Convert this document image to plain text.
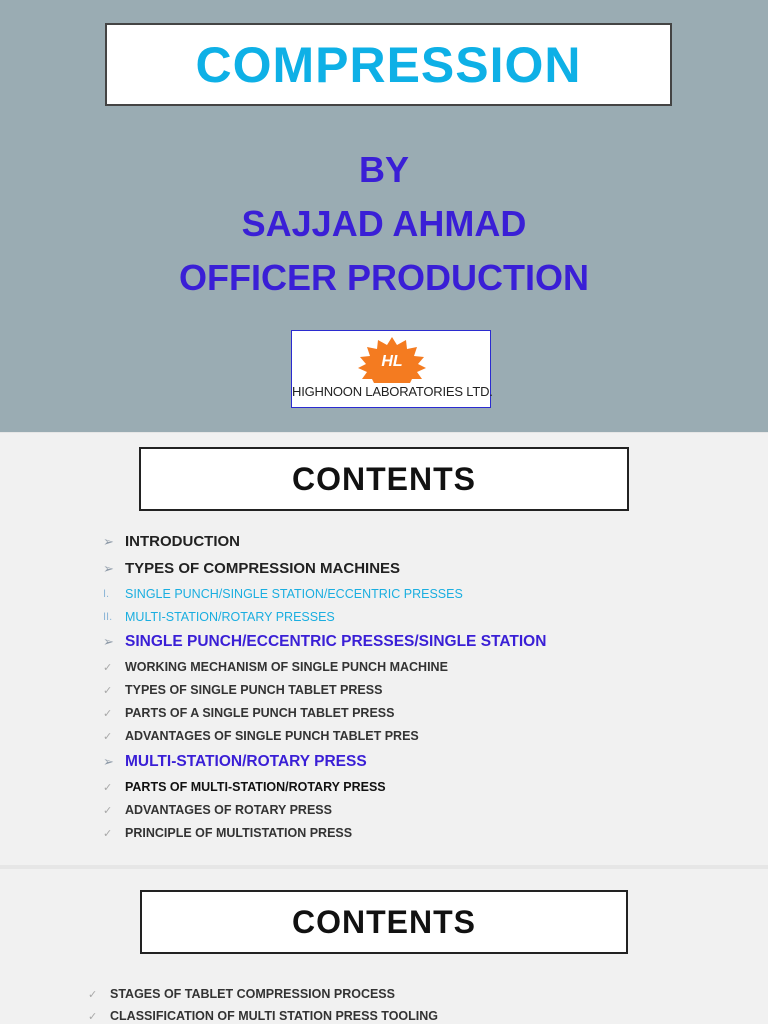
COMPRESSION
BY
SAJJAD AHMAD
OFFICER PRODUCTION
HL
HIGHNOON LABORATORIES LTD.
CONTENTS
➢ INTRODUCTION
➢ TYPES OF COMPRESSION MACHINES
I.	SINGLE PUNCH/SINGLE STATION/ECCENTRIC PRESSES
II.	MULTI-STATION/ROTARY PRESSES
➢ SINGLE PUNCH/ECCENTRIC PRESSES/SINGLE STATION
✓	WORKING MECHANISM OF SINGLE PUNCH MACHINE
✓	TYPES OF SINGLE PUNCH TABLET PRESS
✓	PARTS OF A SINGLE PUNCH TABLET PRESS
✓	ADVANTAGES OF SINGLE PUNCH TABLET PRES
➢ MULTI-STATION/ROTARY PRESS
✓	PARTS OF MULTI-STATION/ROTARY PRESS
✓	ADVANTAGES OF ROTARY PRESS
✓	PRINCIPLE OF MULTISTATION PRESS
CONTENTS
✓	STAGES OF TABLET COMPRESSION PROCESS
✓	CLASSIFICATION OF MULTI STATION PRESS TOOLING
